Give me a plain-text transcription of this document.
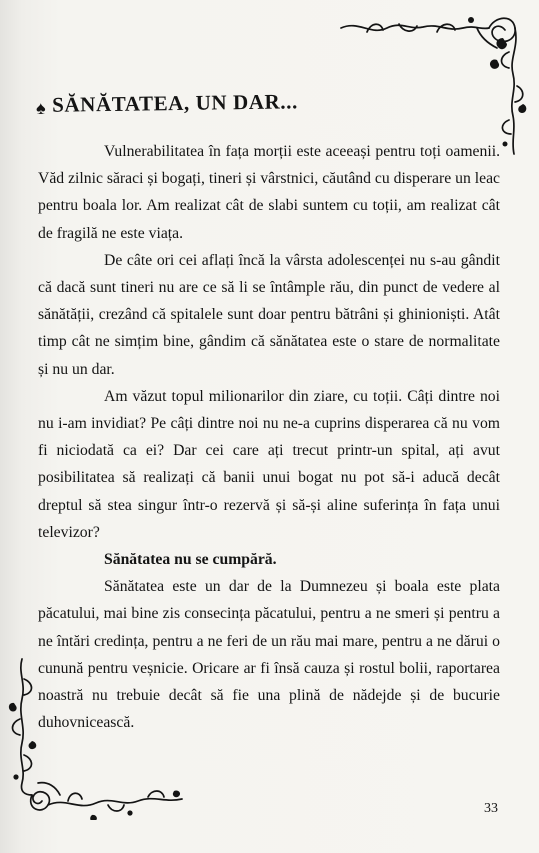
♠ SĂNĂTATEA, UN DAR...

Vulnerabilitatea în fața morții este aceeași pentru toți oamenii. Văd zilnic săraci și bogați, tineri și vârstnici, căutând cu disperare un leac pentru boala lor. Am realizat cât de slabi suntem cu toții, am realizat cât de fragilă ne este viața.

De câte ori cei aflați încă la vârsta adolescenței nu s-au gândit că dacă sunt tineri nu are ce să li se întâmple rău, din punct de vedere al sănătății, crezând că spitalele sunt doar pentru bătrâni și ghinioniști. Atât timp cât ne simțim bine, gândim că sănătatea este o stare de normalitate și nu un dar.

Am văzut topul milionarilor din ziare, cu toții. Câți dintre noi nu i-am invidiat? Pe câți dintre noi nu ne-a cuprins disperarea că nu vom fi niciodată ca ei? Dar cei care ați trecut printr-un spital, ați avut posibilitatea să realizați că banii unui bogat nu pot să-i aducă decât dreptul să stea singur într-o rezervă și să-și aline suferința în fața unui televizor?

Sănătatea nu se cumpără.

Sănătatea este un dar de la Dumnezeu și boala este plata păcatului, mai bine zis consecința păcatului, pentru a ne smeri și pentru a ne întări credința, pentru a ne feri de un rău mai mare, pentru a ne dărui o cunună pentru veșnicie. Oricare ar fi însă cauza și rostul bolii, raportarea noastră nu trebuie decât să fie una plină de nădejde și de bucurie duhovnicească.

33
